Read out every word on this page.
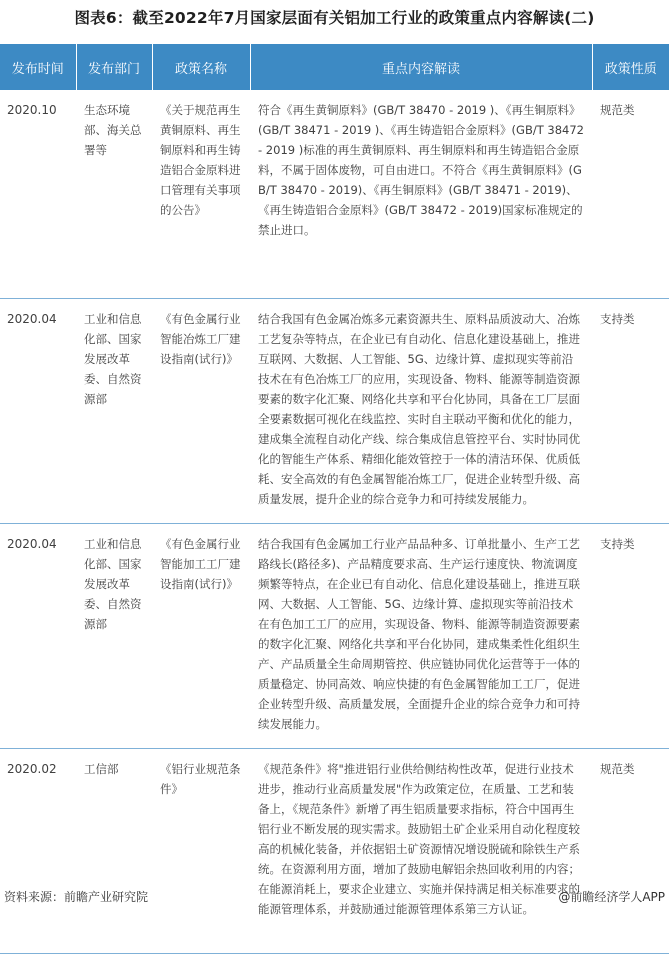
图表6：截至2022年7月国家层面有关铝加工行业的政策重点内容解读(二)
发布时间	发布部门	政策名称	重点内容解读	政策性质
2020.10	生态环境部、海关总署等	《关于规范再生黄铜原料、再生铜原料和再生铸造铝合金原料进口管理有关事项的公告》	符合《再生黄铜原料》(GB/T 38470 - 2019 )、《再生铜原料》(GB/T 38471 - 2019 )、《再生铸造铝合金原料》(GB/T 38472 - 2019 )标准的再生黄铜原料、再生铜原料和再生铸造铝合金原料，不属于固体废物，可自由进口。不符合《再生黄铜原料》(GB/T 38470 - 2019)、《再生铜原料》(GB/T 38471 - 2019)、《再生铸造铝合金原料》(GB/T 38472 - 2019)国家标准规定的禁止进口。	规范类
2020.04	工业和信息化部、国家发展改革委、自然资源部	《有色金属行业智能冶炼工厂建设指南(试行)》	结合我国有色金属冶炼多元素资源共生、原料品质波动大、冶炼工艺复杂等特点，在企业已有自动化、信息化建设基础上，推进互联网、大数据、人工智能、5G、边缘计算、虚拟现实等前沿技术在有色冶炼工厂的应用，实现设备、物料、能源等制造资源要素的数字化汇聚、网络化共享和平台化协同，具备在工厂层面全要素数据可视化在线监控、实时自主联动平衡和优化的能力，建成集全流程自动化产线、综合集成信息管控平台、实时协同优化的智能生产体系、精细化能效管控于一体的清洁环保、优质低耗、安全高效的有色金属智能冶炼工厂，促进企业转型升级、高质量发展，提升企业的综合竞争力和可持续发展能力。	支持类
2020.04	工业和信息化部、国家发展改革委、自然资源部	《有色金属行业智能加工工厂建设指南(试行)》	结合我国有色金属加工行业产品品种多、订单批量小、生产工艺路线长(路径多)、产品精度要求高、生产运行速度快、物流调度频繁等特点，在企业已有自动化、信息化建设基础上，推进互联网、大数据、人工智能、5G、边缘计算、虚拟现实等前沿技术在有色加工工厂的应用，实现设备、物料、能源等制造资源要素的数字化汇聚、网络化共享和平台化协同，建成集柔性化组织生产、产品质量全生命周期管控、供应链协同优化运营等于一体的质量稳定、协同高效、响应快捷的有色金属智能加工工厂，促进企业转型升级、高质量发展，全面提升企业的综合竞争力和可持续发展能力。	支持类
2020.02	工信部	《铝行业规范条件》	《规范条件》将"推进铝行业供给侧结构性改革，促进行业技术进步，推动行业高质量发展"作为政策定位，在质量、工艺和装备上，《规范条件》新增了再生铝质量要求指标，符合中国再生铝行业不断发展的现实需求。鼓励铝土矿企业采用自动化程度较高的机械化装备，并依据铝土矿资源情况增设脱硫和除铁生产系统。在资源利用方面，增加了鼓励电解铝余热回收利用的内容；在能源消耗上，要求企业建立、实施并保持满足相关标准要求的能源管理体系，并鼓励通过能源管理体系第三方认证。	规范类
资料来源：前瞻产业研究院	@前瞻经济学人APP
